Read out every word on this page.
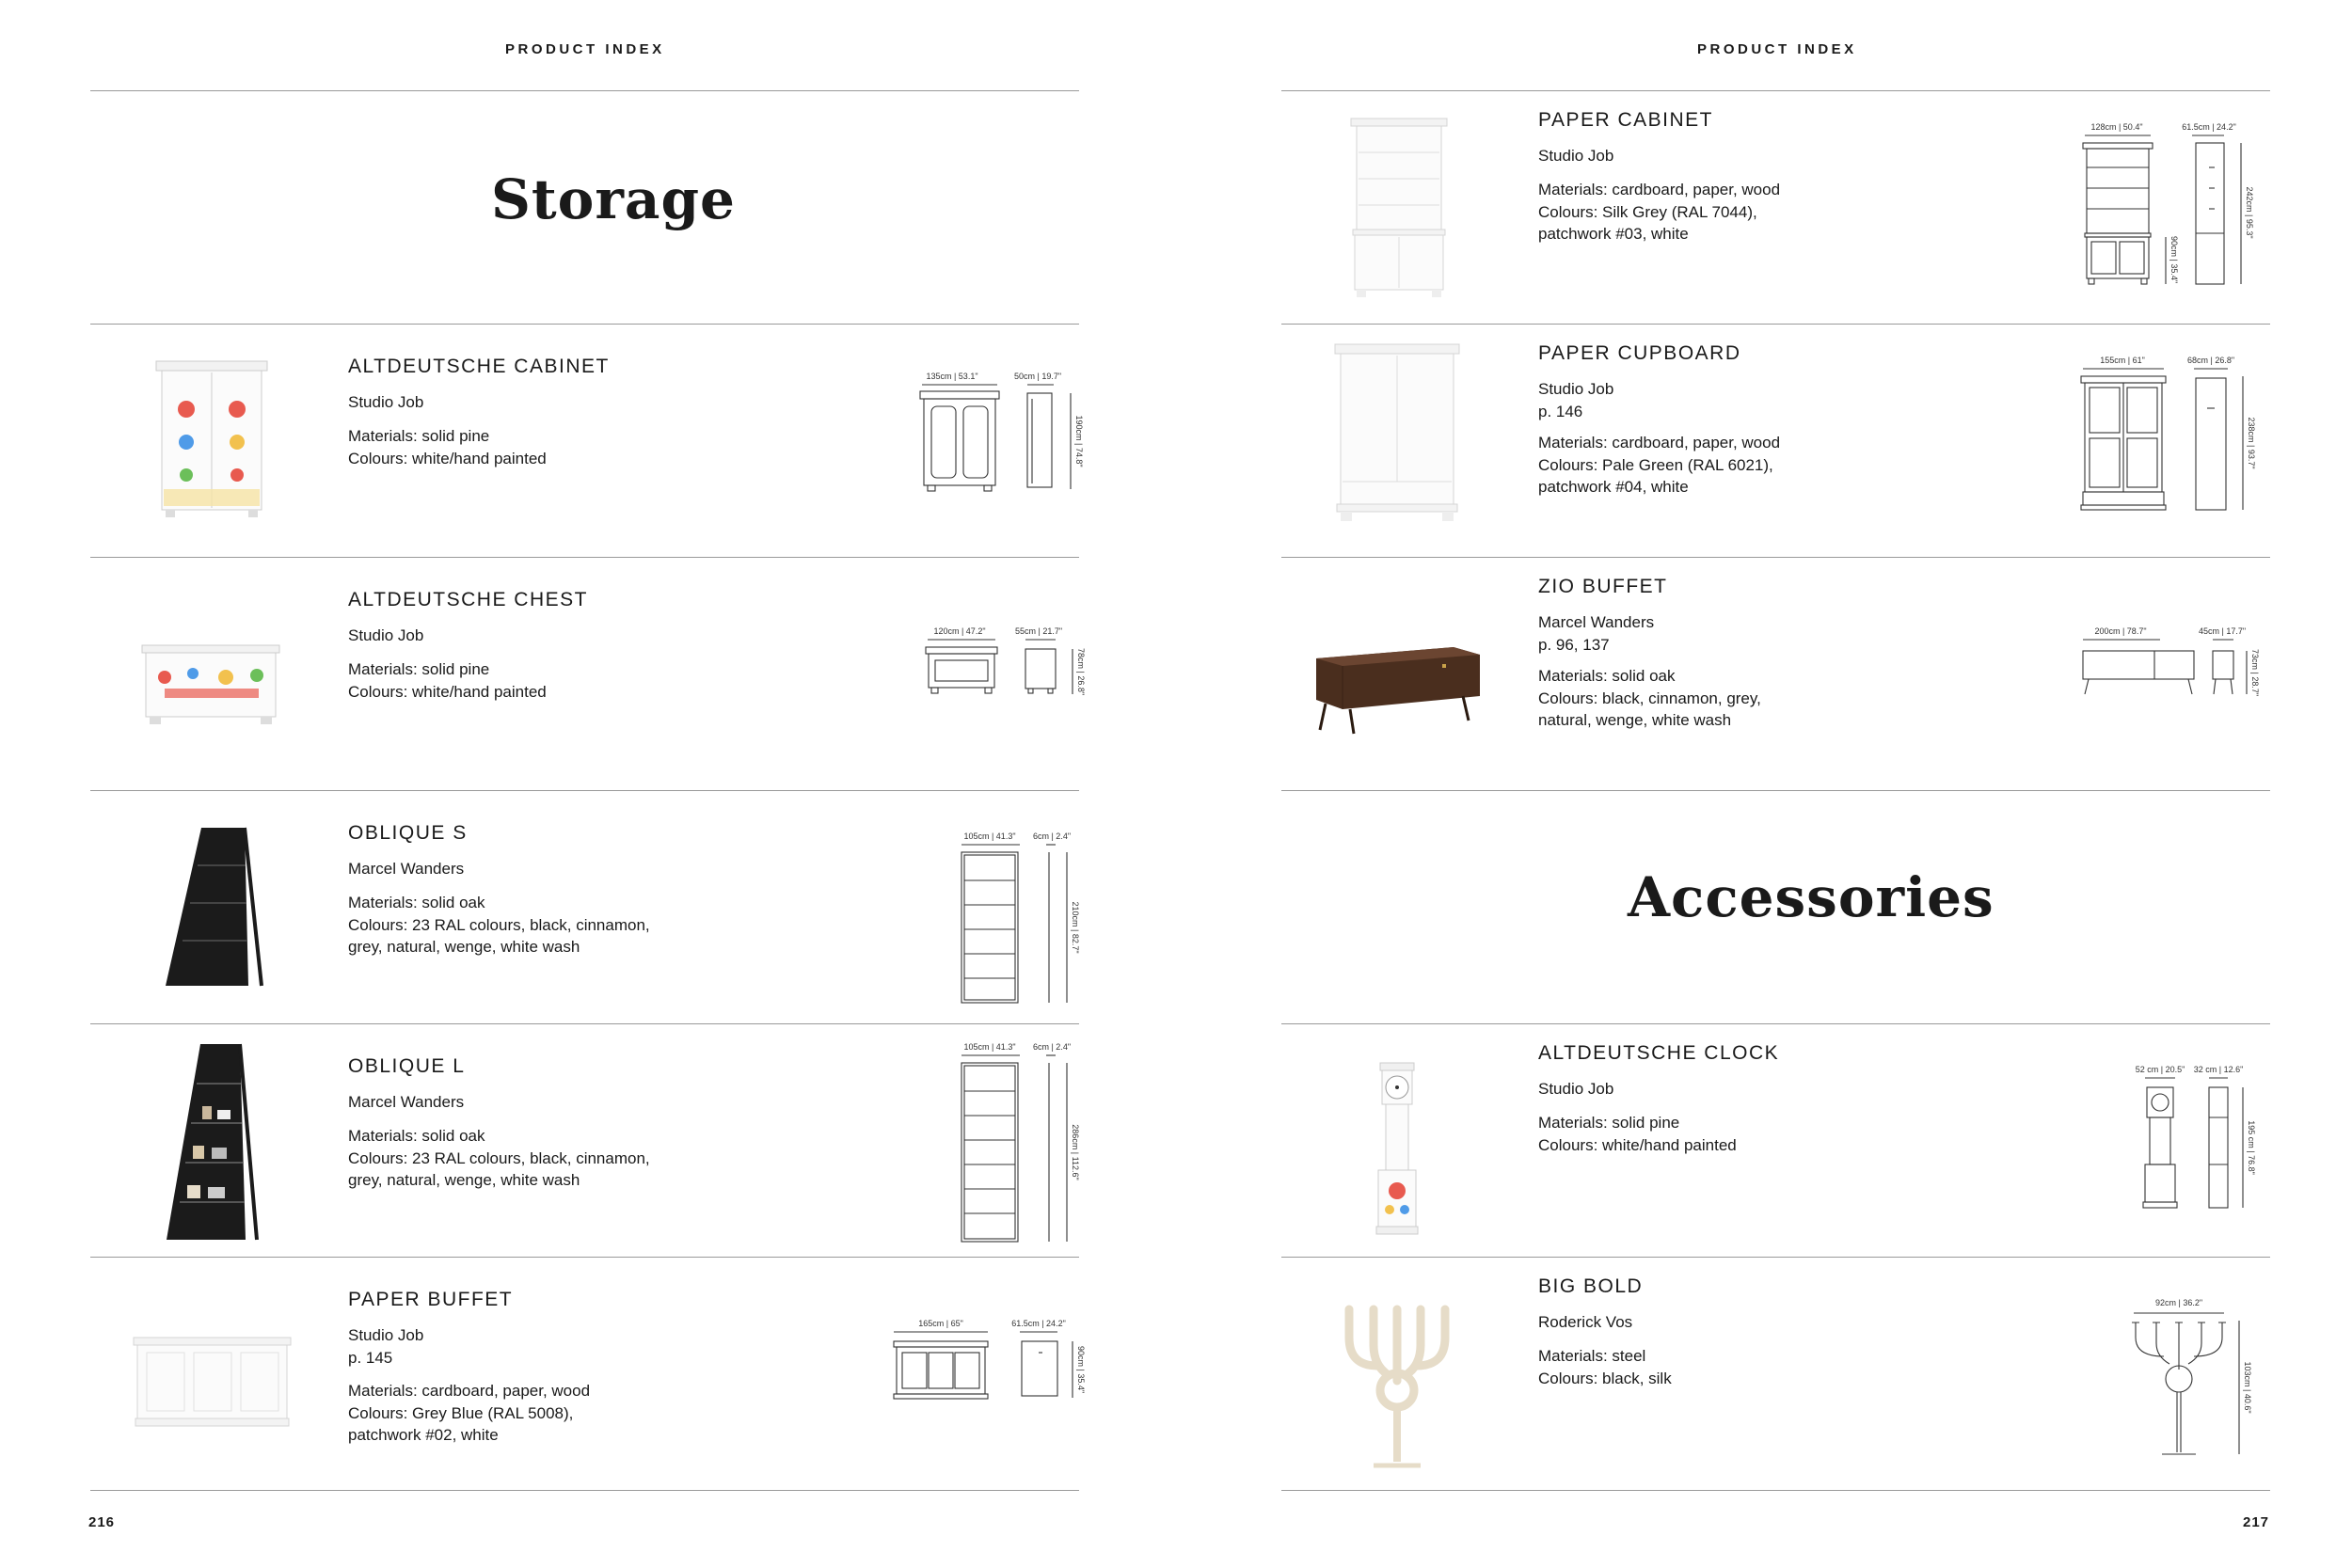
PRODUCT INDEX
Storage
ALTDEUTSCHE CABINET
Studio Job
Materials: solid pine
Colours: white/hand painted
135cm | 53.1"	50cm | 19.7"
190cm | 74.8"
ALTDEUTSCHE CHEST
Studio Job
Materials: solid pine
Colours: white/hand painted
120cm | 47.2"	55cm | 21.7"
78cm | 26.8"
OBLIQUE S
Marcel Wanders
Materials: solid oak
Colours: 23 RAL colours, black, cinnamon,
grey, natural, wenge, white wash
105cm | 41.3" 6cm | 2.4"
210cm | 82.7"
OBLIQUE L
Marcel Wanders
Materials: solid oak
Colours: 23 RAL colours, black, cinnamon,
grey, natural, wenge, white wash
105cm | 41.3" 6cm | 2.4"
286cm | 112.6"
PAPER BUFFET
Studio Job
p. 145
Materials: cardboard, paper, wood
Colours: Grey Blue (RAL 5008),
patchwork #02, white
165cm | 65"	61.5cm | 24.2"
90cm | 35.4"
216
PRODUCT INDEX
PAPER CABINET
Studio Job
Materials: cardboard, paper, wood
Colours: Silk Grey (RAL 7044),
patchwork #03, white
128cm | 50.4"	61.5cm | 24.2"
90cm | 35.4"
242cm | 95.3"
PAPER CUPBOARD
Studio Job
p. 146
Materials: cardboard, paper, wood
Colours: Pale Green (RAL 6021),
patchwork #04, white
155cm | 61"	68cm | 26.8"
238cm | 93.7"
ZIO BUFFET
Marcel Wanders
p. 96, 137
Materials: solid oak
Colours: black, cinnamon, grey,
natural, wenge, white wash
200cm | 78.7"	45cm | 17.7"
73cm | 28.7"
Accessories
ALTDEUTSCHE CLOCK
Studio Job
Materials: solid pine
Colours: white/hand painted
52 cm | 20.5" 32 cm | 12.6"
195 cm | 76.8"
BIG BOLD
Roderick Vos
Materials: steel
Colours: black, silk
92cm | 36.2"
103cm | 40.6"
217
